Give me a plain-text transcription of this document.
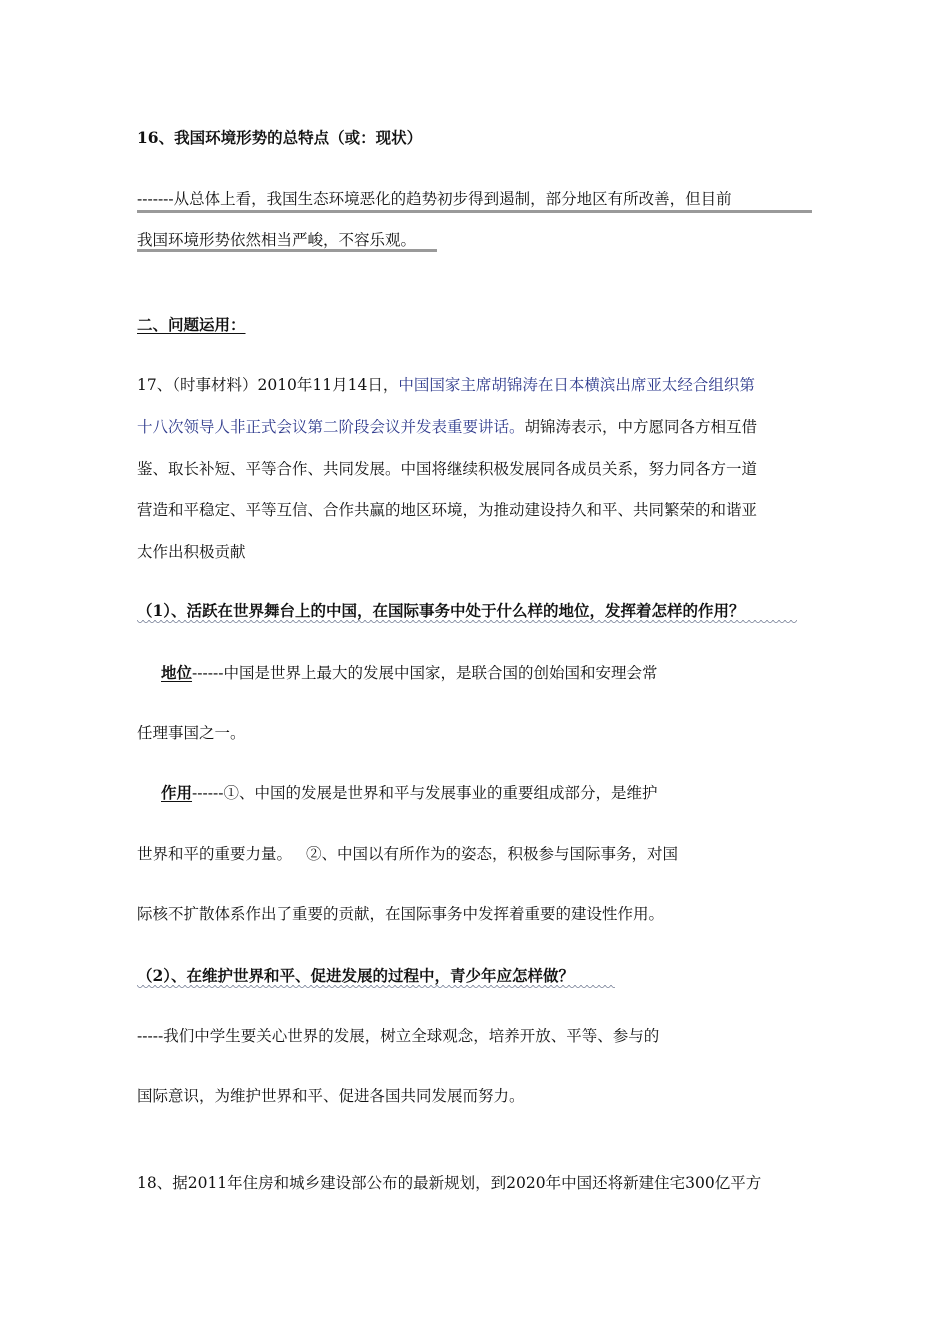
16、我国环境形势的总特点（或：现状）
-------从总体上看，我国生态环境恶化的趋势初步得到遏制，部分地区有所改善，但目前
我国环境形势依然相当严峻，不容乐观。
二、问题运用：
17、（时事材料）2010年11月14日，中国国家主席胡锦涛在日本横滨出席亚太经合组织第
十八次领导人非正式会议第二阶段会议并发表重要讲话。胡锦涛表示，中方愿同各方相互借
鉴、取长补短、平等合作、共同发展。中国将继续积极发展同各成员关系，努力同各方一道
营造和平稳定、平等互信、合作共赢的地区环境，为推动建设持久和平、共同繁荣的和谐亚
太作出积极贡献
（1）、活跃在世界舞台上的中国，在国际事务中处于什么样的地位，发挥着怎样的作用？
地位------中国是世界上最大的发展中国家，是联合国的创始国和安理会常
任理事国之一。
作用------①、中国的发展是世界和平与发展事业的重要组成部分，是维护
世界和平的重要力量。 ②、中国以有所作为的姿态，积极参与国际事务，对国
际核不扩散体系作出了重要的贡献，在国际事务中发挥着重要的建设性作用。
（2）、在维护世界和平、促进发展的过程中，青少年应怎样做？
-----我们中学生要关心世界的发展，树立全球观念，培养开放、平等、参与的
国际意识，为维护世界和平、促进各国共同发展而努力。
18、据2011年住房和城乡建设部公布的最新规划，到2020年中国还将新建住宅300亿平方
